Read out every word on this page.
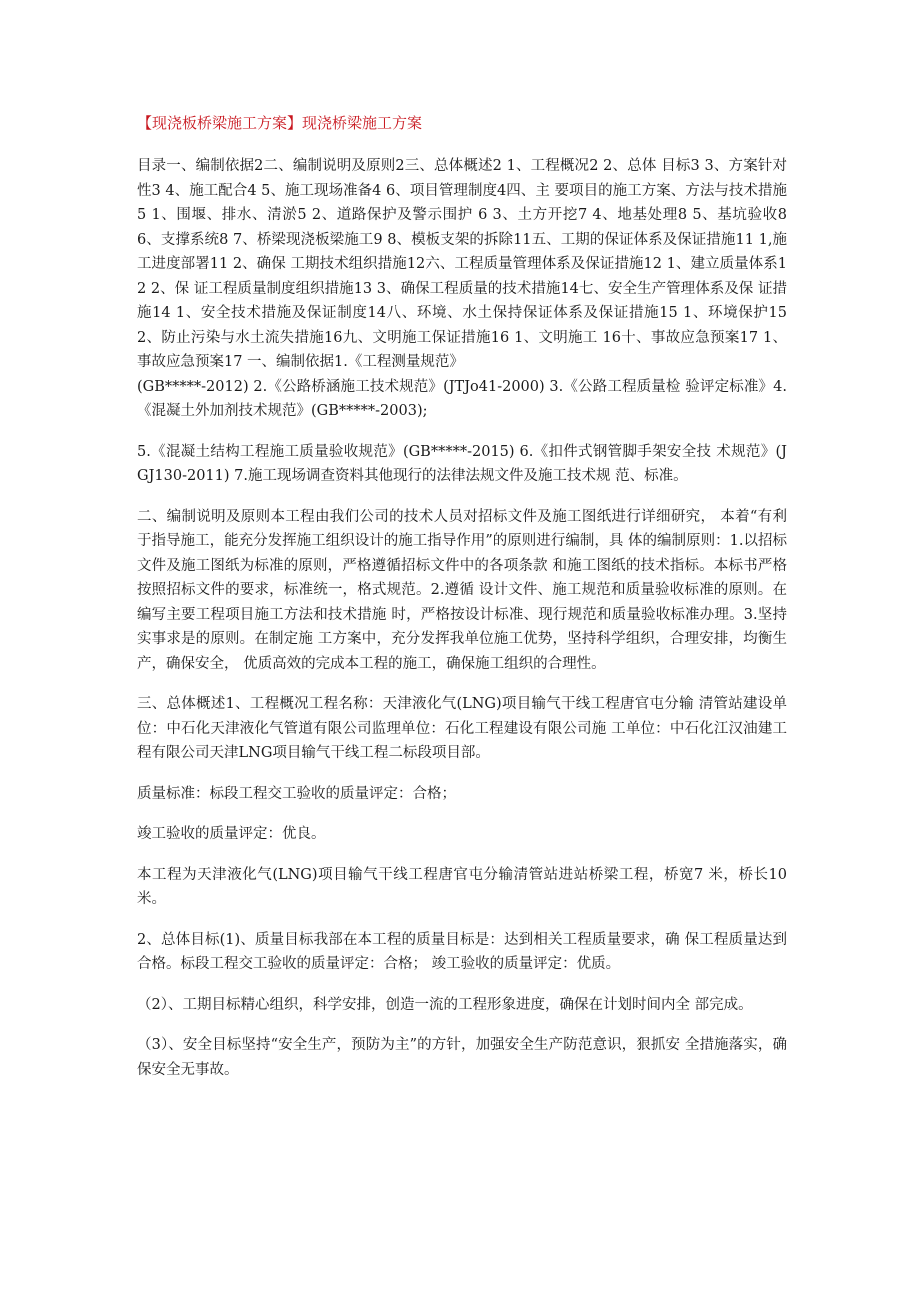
【现浇板桥梁施工方案】现浇桥梁施工方案

目录一、编制依据2二、编制说明及原则2三、总体概述2 1、工程概况2 2、总体 目标3 3、方案针对性3 4、施工配合4 5、施工现场准备4 6、项目管理制度4四、主 要项目的施工方案、方法与技术措施5 1、围堰、排水、清淤5 2、道路保护及警示围护 6 3、土方开挖7 4、地基处理8 5、基坑验收8 6、支撑系统8 7、桥梁现浇板梁施工9 8、模板支架的拆除11五、工期的保证体系及保证措施11 1,施工进度部署11 2、确保 工期技术组织措施12六、工程质量管理体系及保证措施12 1、建立质量体系12 2、保 证工程质量制度组织措施13 3、确保工程质量的技术措施14七、安全生产管理体系及保 证措施14 1、安全技术措施及保证制度14八、环境、水土保持保证体系及保证措施15 1、环境保护15 2、防止污染与水土流失措施16九、文明施工保证措施16 1、文明施工 16十、事故应急预案17 1、事故应急预案17 一、编制依据1.《工程测量规范》

(GB*****-2012) 2.《公路桥涵施工技术规范》(JTJo41-2000) 3.《公路工程质量检 验评定标准》4.《混凝土外加剂技术规范》(GB*****-2003);

5.《混凝土结构工程施工质量验收规范》(GB*****-2015) 6.《扣件式钢管脚手架安全技 术规范》(JGJ130-2011) 7.施工现场调查资料其他现行的法律法规文件及施工技术规 范、标准。

二、编制说明及原则本工程由我们公司的技术人员对招标文件及施工图纸进行详细研究， 本着“有利于指导施工，能充分发挥施工组织设计的施工指导作用”的原则进行编制，具 体的编制原则：1.以招标文件及施工图纸为标准的原则，严格遵循招标文件中的各项条款 和施工图纸的技术指标。本标书严格按照招标文件的要求，标准统一，格式规范。2.遵循 设计文件、施工规范和质量验收标准的原则。在编写主要工程项目施工方法和技术措施 时，严格按设计标准、现行规范和质量验收标准办理。3.坚持实事求是的原则。在制定施 工方案中，充分发挥我单位施工优势，坚持科学组织，合理安排，均衡生产，确保安全， 优质高效的完成本工程的施工，确保施工组织的合理性。

三、总体概述1、工程概况工程名称：天津液化气(LNG)项目输气干线工程唐官屯分输 清管站建设单位：中石化天津液化气管道有限公司监理单位：石化工程建设有限公司施 工单位：中石化江汉油建工程有限公司天津LNG项目输气干线工程二标段项目部。

质量标准：标段工程交工验收的质量评定：合格；

竣工验收的质量评定：优良。

本工程为天津液化气(LNG)项目输气干线工程唐官屯分输清管站进站桥梁工程，桥宽7 米，桥长10米。

2、总体目标(1)、质量目标我部在本工程的质量目标是：达到相关工程质量要求，确 保工程质量达到合格。标段工程交工验收的质量评定：合格； 竣工验收的质量评定：优质。

（2）、工期目标精心组织，科学安排，创造一流的工程形象进度，确保在计划时间内全 部完成。

（3）、安全目标坚持“安全生产，预防为主”的方针，加强安全生产防范意识，狠抓安 全措施落实，确保安全无事故。
